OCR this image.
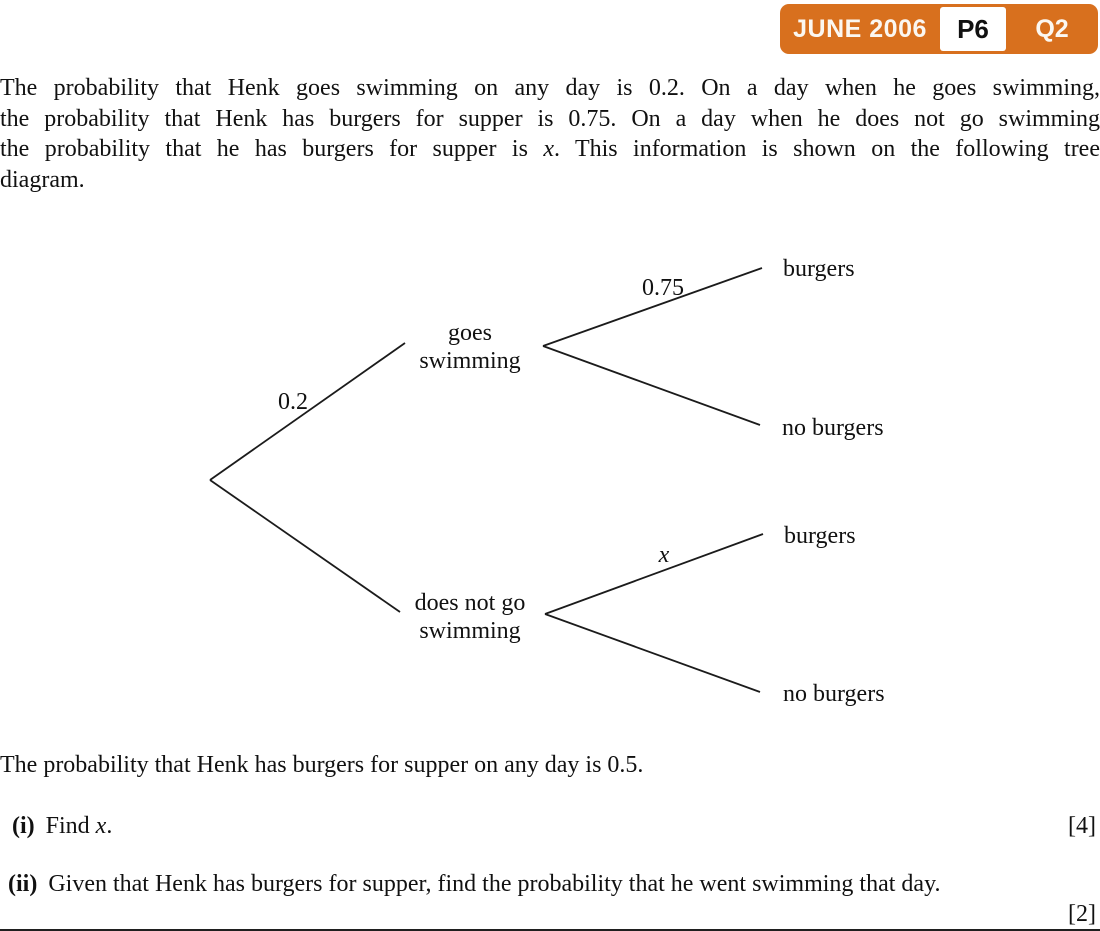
JUNE 2006	P6	Q2
The probability that Henk goes swimming on any day is 0.2. On a day when he goes swimming,
the probability that Henk has burgers for supper is 0.75. On a day when he does not go swimming
the probability that he has burgers for supper is x. This information is shown on the following tree
diagram.
0.2
0.75
x
goes
swimming
does not go
swimming
burgers
no burgers
burgers
no burgers
The probability that Henk has burgers for supper on any day is 0.5.
(i) Find x.	[4]
(ii) Given that Henk has burgers for supper, find the probability that he went swimming that day.
[2]
